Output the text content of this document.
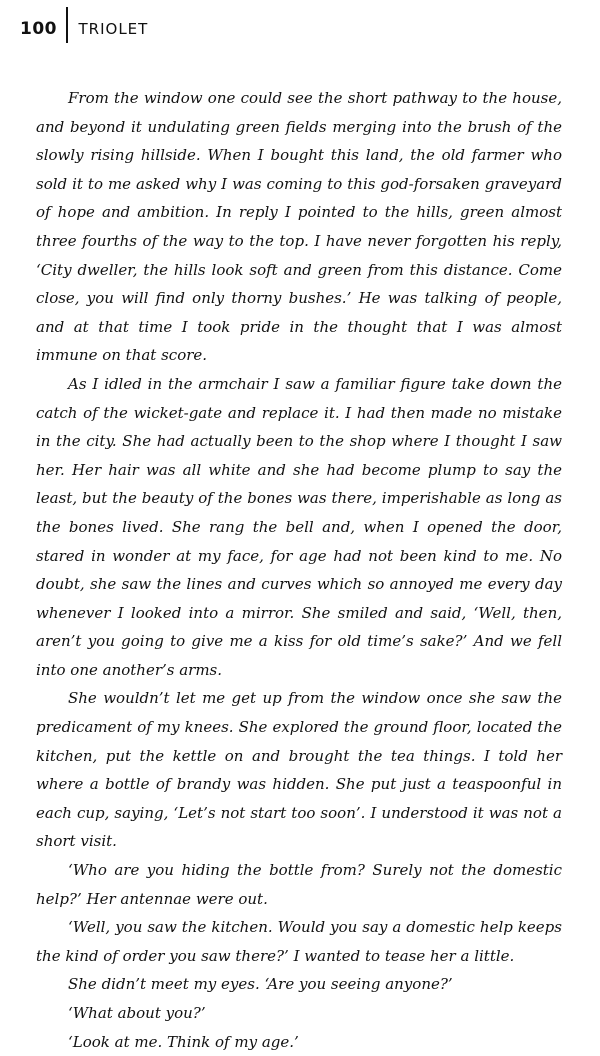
100 TRIOLET

From the window one could see the short pathway to the house, and beyond it undulating green fields merging into the brush of the slowly rising hillside. When I bought this land, the old farmer who sold it to me asked why I was coming to this god-forsaken graveyard of hope and ambition. In reply I pointed to the hills, green almost three fourths of the way to the top. I have never forgotten his reply, ‘City dweller, the hills look soft and green from this distance. Come close, you will find only thorny bushes.’ He was talking of people, and at that time I took pride in the thought that I was almost immune on that score.

As I idled in the armchair I saw a familiar figure take down the catch of the wicket-gate and replace it. I had then made no mistake in the city. She had actually been to the shop where I thought I saw her. Her hair was all white and she had become plump to say the least, but the beauty of the bones was there, imperishable as long as the bones lived. She rang the bell and, when I opened the door, stared in wonder at my face, for age had not been kind to me. No doubt, she saw the lines and curves which so annoyed me every day whenever I looked into a mirror. She smiled and said, ‘Well, then, aren’t you going to give me a kiss for old time’s sake?’ And we fell into one another’s arms.

She wouldn’t let me get up from the window once she saw the predicament of my knees. She explored the ground floor, located the kitchen, put the kettle on and brought the tea things. I told her where a bottle of brandy was hidden. She put just a teaspoonful in each cup, saying, ‘Let’s not start too soon’. I understood it was not a short visit.

‘Who are you hiding the bottle from? Surely not the domestic help?’ Her antennae were out.

‘Well, you saw the kitchen. Would you say a domestic help keeps the kind of order you saw there?’ I wanted to tease her a little.

She didn’t meet my eyes. ‘Are you seeing anyone?’

‘What about you?’

‘Look at me. Think of my age.’
